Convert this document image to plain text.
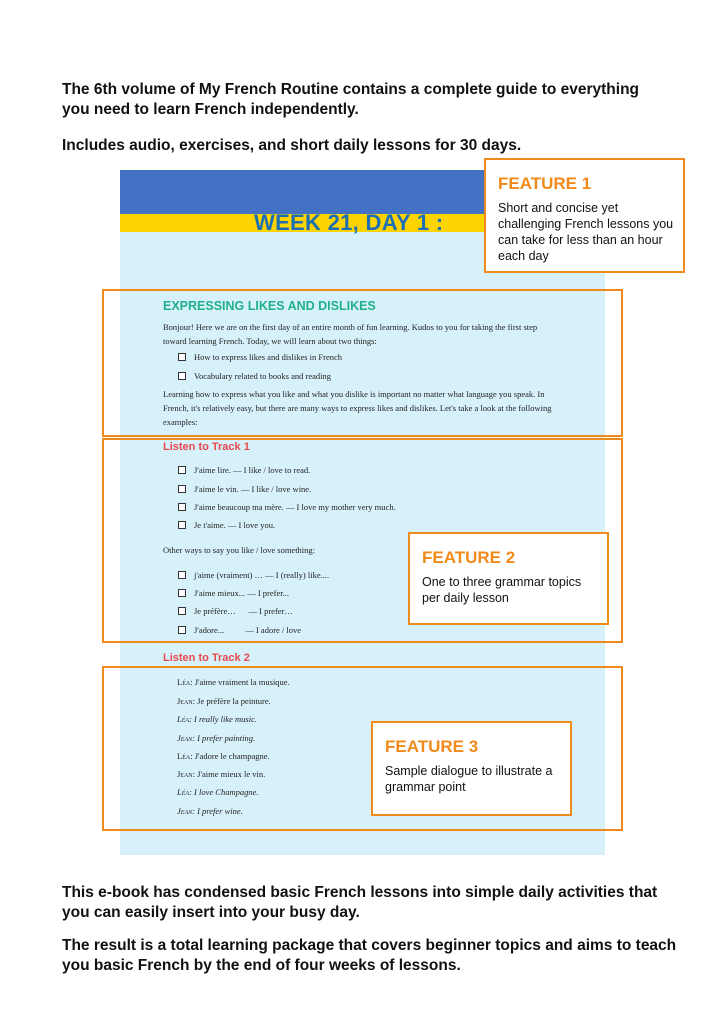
The 6th volume of My French Routine contains a complete guide to everything you need to learn French independently.
Includes audio, exercises, and short daily lessons for 30 days.
WEEK 21, DAY 1 :
EXPRESSING LIKES AND DISLIKES
Bonjour! Here we are on the first day of an entire month of fun learning. Kudos to you for taking the first step toward learning French. Today, we will learn about two things:
How to express likes and dislikes in French
Vocabulary related to books and reading
Learning how to express what you like and what you dislike is important no matter what language you speak. In French, it's relatively easy, but there are many ways to express likes and dislikes. Let's take a look at the following examples:
Listen to Track 1
J'aime lire. — I like / love to read.
J'aime le vin. — I like / love wine.
J'aime beaucoup ma mère. — I love my mother very much.
Je t'aime. — I love you.
Other ways to say you like / love something:
j'aime (vraiment) … — I (really) like....
J'aime mieux... — I prefer...
Je préfère…      — I prefer…
J'adore...          — I adore / love
Listen to Track 2
Léa: J'aime vraiment la musique.
Jean: Je préfère la peinture.
Léa: I really like music.
Jean: I prefer painting.
Léa: J'adore le champagne.
Jean: J'aime mieux le vin.
Léa: I love Champagne.
Jean: I prefer wine.
FEATURE 1
Short and concise yet challenging French lessons you can take for less than an hour each day
FEATURE 2
One to three grammar topics per daily lesson
FEATURE 3
Sample dialogue to illustrate a grammar point
This e-book has condensed basic French lessons into simple daily activities that you can easily insert into your busy day.
The result is a total learning package that covers beginner topics and aims to teach you basic French by the end of four weeks of lessons.
